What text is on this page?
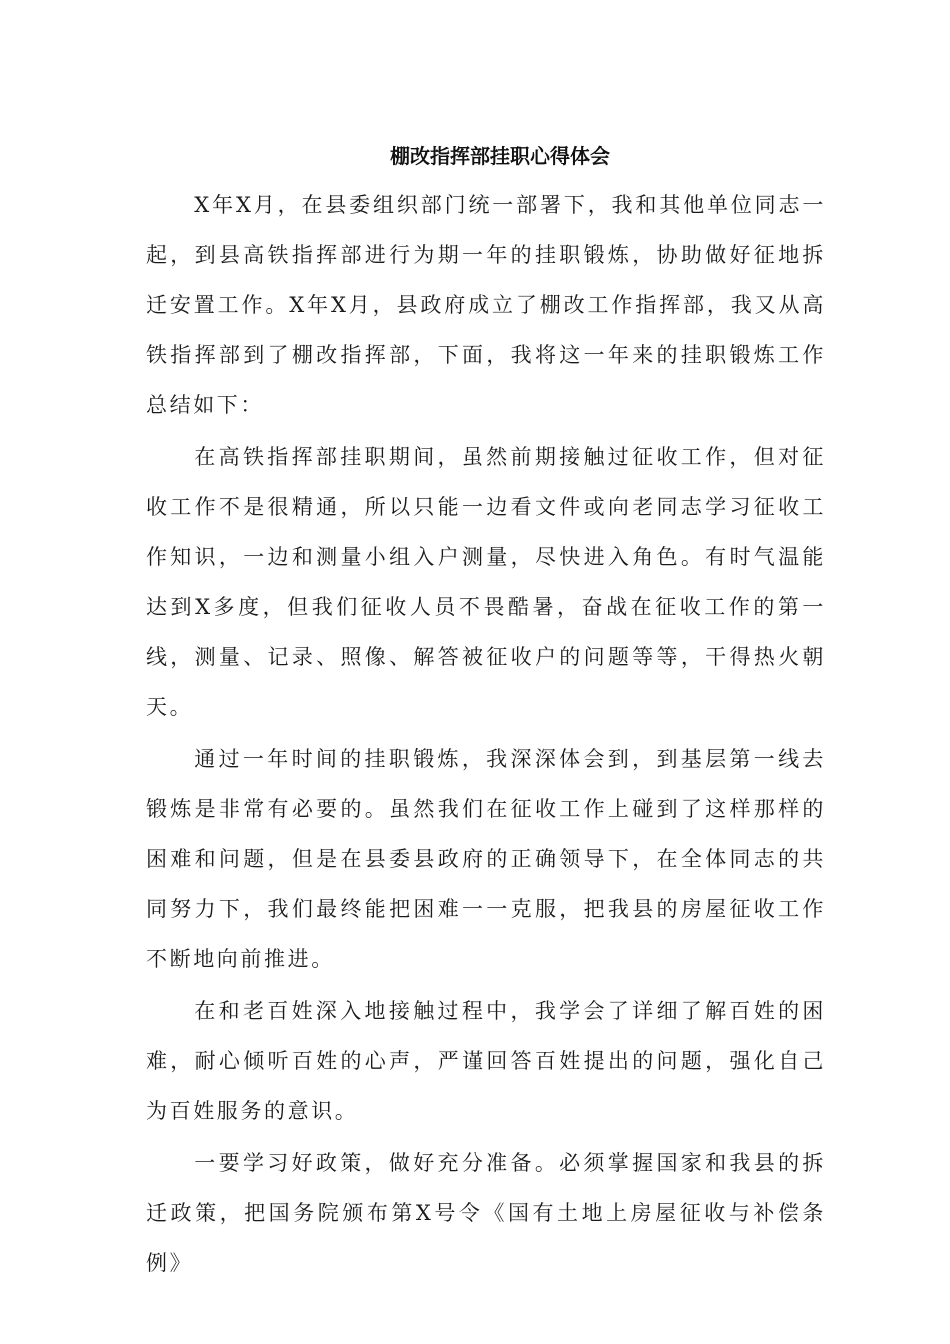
棚改指挥部挂职心得体会

X年X月，在县委组织部门统一部署下，我和其他单位同志一起，到县高铁指挥部进行为期一年的挂职锻炼，协助做好征地拆迁安置工作。X年X月，县政府成立了棚改工作指挥部，我又从高铁指挥部到了棚改指挥部，下面，我将这一年来的挂职锻炼工作总结如下：

在高铁指挥部挂职期间，虽然前期接触过征收工作，但对征收工作不是很精通，所以只能一边看文件或向老同志学习征收工作知识，一边和测量小组入户测量，尽快进入角色。有时气温能达到X多度，但我们征收人员不畏酷暑，奋战在征收工作的第一线，测量、记录、照像、解答被征收户的问题等等，干得热火朝天。

通过一年时间的挂职锻炼，我深深体会到，到基层第一线去锻炼是非常有必要的。虽然我们在征收工作上碰到了这样那样的困难和问题，但是在县委县政府的正确领导下，在全体同志的共同努力下，我们最终能把困难一一克服，把我县的房屋征收工作不断地向前推进。

在和老百姓深入地接触过程中，我学会了详细了解百姓的困难，耐心倾听百姓的心声，严谨回答百姓提出的问题，强化自己为百姓服务的意识。

一要学习好政策，做好充分准备。必须掌握国家和我县的拆迁政策，把国务院颁布第X号令《国有土地上房屋征收与补偿条例》
